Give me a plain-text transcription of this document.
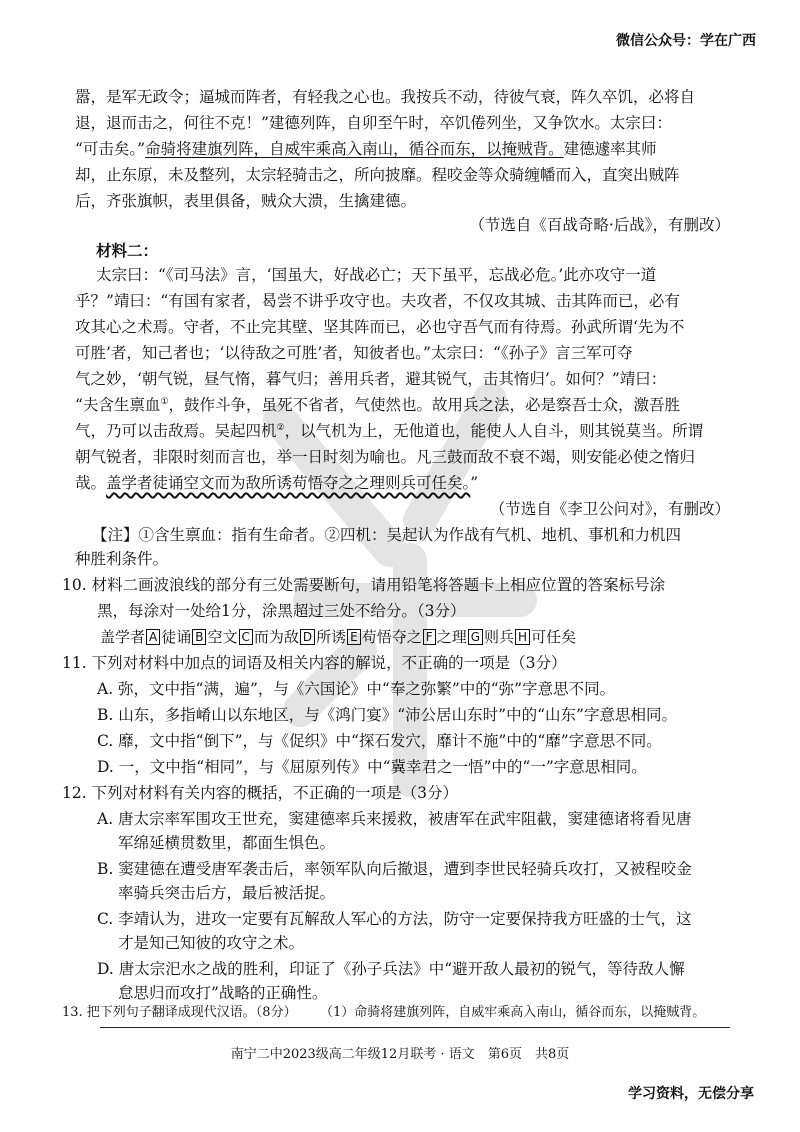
微信公众号：学在广西
嚣，是军无政令；逼城而阵者，有轻我之心也。我按兵不动，待彼气衰，阵久卒饥，必将自
退，退而击之，何往不克！”建德列阵，自卯至午时，卒饥倦列坐，又争饮水。太宗曰：
“可击矣。”命骑将建旗列阵，自威牢乘高入南山，循谷而东，以掩贼背。建德遽率其师
却，止东原，未及整列，太宗轻骑击之，所向披靡。程咬金等众骑缠幡而入，直突出贼阵
后，齐张旗帜，表里俱备，贼众大溃，生擒建德。
（节选自《百战奇略·后战》，有删改）
材料二：
太宗曰：“《司马法》言，‘国虽大，好战必亡；天下虽平，忘战必危。’此亦攻守一道
乎？”靖曰：“有国有家者，曷尝不讲乎攻守也。夫攻者，不仅攻其城、击其阵而已，必有
攻其心之术焉。守者，不止完其壁、坚其阵而已，必也守吾气而有待焉。孙武所谓‘先为不
可胜’者，知己者也；‘以待敌之可胜’者，知彼者也。”太宗曰：“《孙子》言三军可夺
气之妙，‘朝气锐，昼气惰，暮气归；善用兵者，避其锐气，击其惰归’。如何？”靖曰：
“夫含生禀血①，鼓作斗争，虽死不省者，气使然也。故用兵之法，必是察吾士众，激吾胜
气，乃可以击敌焉。吴起四机②，以气机为上，无他道也，能使人人自斗，则其锐莫当。所谓
朝气锐者，非限时刻而言也，举一日时刻为喻也。凡三鼓而敌不衰不竭，则安能必使之惰归
哉。盖学者徒诵空文而为敌所诱苟悟夺之之理则兵可任矣。”
（节选自《李卫公问对》，有删改）
【注】①含生禀血：指有生命者。②四机：吴起认为作战有气机、地机、事机和力机四
种胜利条件。
10. 材料二画波浪线的部分有三处需要断句，请用铅笔将答题卡上相应位置的答案标号涂
黑，每涂对一处给1分，涂黑超过三处不给分。（3分）
盖学者 A 徒诵 B 空文 C 而为敌 D 所诱 E 苟悟夺之 F 之理 G 则兵 H 可任矣
11. 下列对材料中加点的词语及相关内容的解说，不正确的一项是（3分）
A. 弥，文中指“满，遍”，与《六国论》中“奉之弥繁”中的“弥”字意思不同。
B. 山东，多指崤山以东地区，与《鸿门宴》“沛公居山东时”中的“山东”字意思相同。
C. 靡，文中指“倒下”，与《促织》中“探石发穴，靡计不施”中的“靡”字意思不同。
D. 一，文中指“相同”，与《屈原列传》中“冀幸君之一悟”中的“一”字意思相同。
12. 下列对材料有关内容的概括，不正确的一项是（3分）
A. 唐太宗率军围攻王世充，窦建德率兵来援救，被唐军在武牢阻截，窦建德诸将看见唐
军绵延横贯数里，都面生惧色。
B. 窦建德在遭受唐军袭击后，率领军队向后撤退，遭到李世民轻骑兵攻打，又被程咬金
率骑兵突击后方，最后被活捉。
C. 李靖认为，进攻一定要有瓦解敌人军心的方法，防守一定要保持我方旺盛的士气，这
才是知己知彼的攻守之术。
D. 唐太宗汜水之战的胜利，印证了《孙子兵法》中“避开敌人最初的锐气，等待敌人懈
怠思归而攻打”战略的正确性。
13. 把下列句子翻译成现代汉语。（8分）	（1）命骑将建旗列阵，自威牢乘高入南山，循谷而东，以掩贼背。
南宁二中2023级高二年级12月联考 · 语文　第6页　共8页
学习资料，无偿分享
